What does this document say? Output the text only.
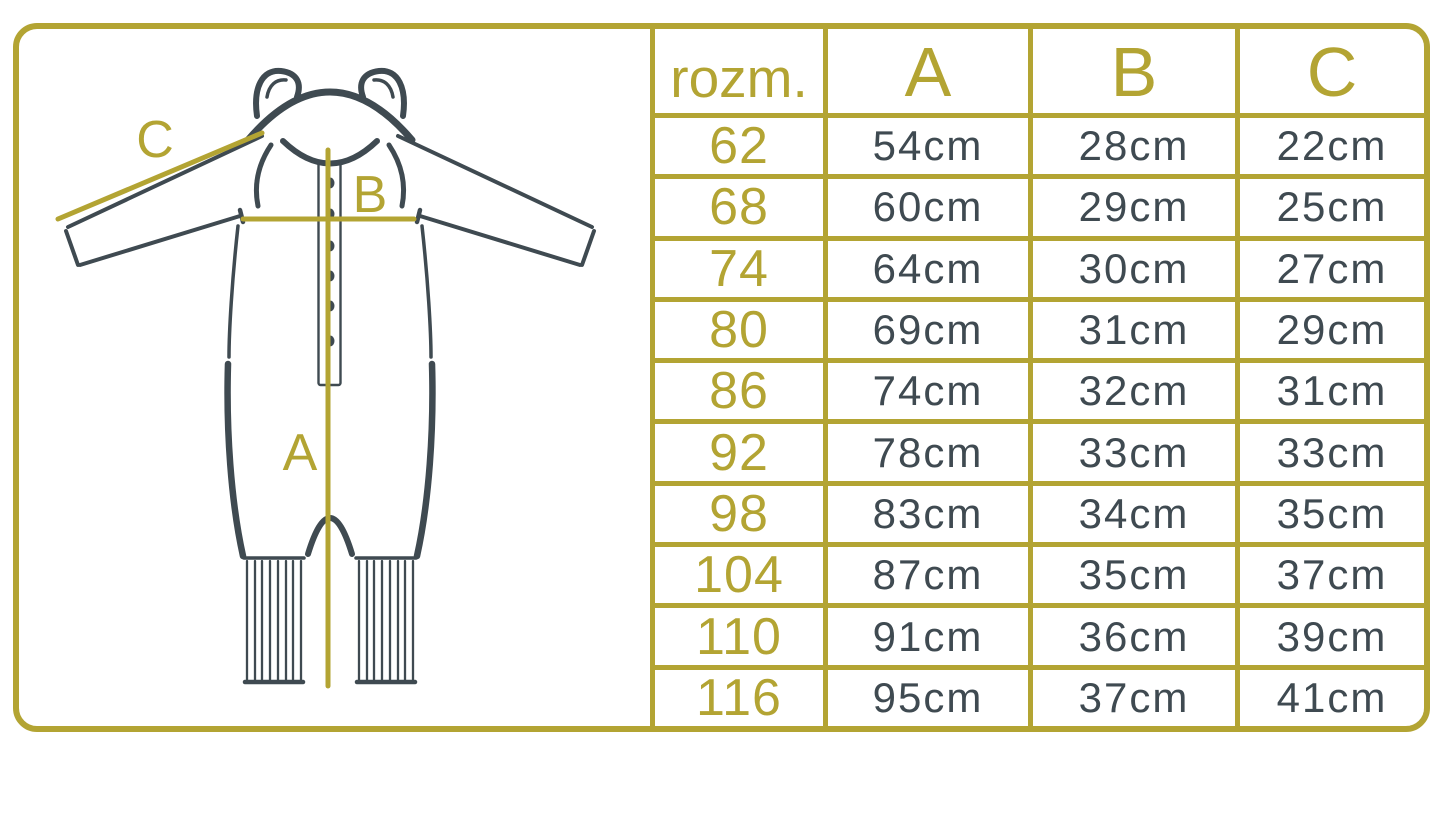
C
B
A
rozm.	A	B	C
62	54cm	28cm	22cm
68	60cm	29cm	25cm
74	64cm	30cm	27cm
80	69cm	31cm	29cm
86	74cm	32cm	31cm
92	78cm	33cm	33cm
98	83cm	34cm	35cm
104	87cm	35cm	37cm
110	91cm	36cm	39cm
116	95cm	37cm	41cm
